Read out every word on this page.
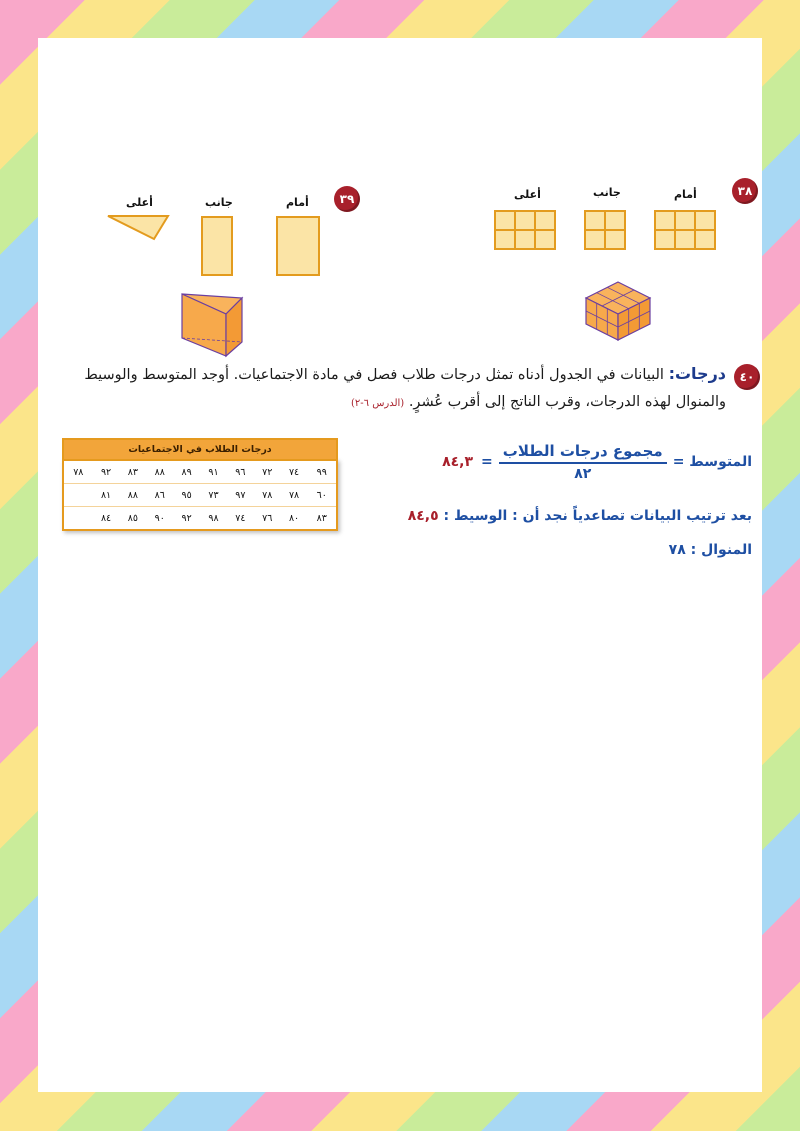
٣٨
أمام
جانب
أعلى
٣٩
أمام
جانب
أعلى
٤٠
درجات: البيانات في الجدول أدناه تمثل درجات طلاب فصل في مادة الاجتماعيات. أوجد المتوسط والوسيط
والمنوال لهذه الدرجات، وقرب الناتج إلى أقرب عُشرٍ. (الدرس ٦-٢)
درجات الطلاب في الاجتماعيات
٩٩	٧٤	٧٢	٩٦	٩١	٨٩	٨٨	٨٣	٩٢	٧٨
٦٠	٧٨	٧٨	٩٧	٧٣	٩٥	٨٦	٨٨	٨١	
٨٣	٨٠	٧٦	٧٤	٩٨	٩٢	٩٠	٨٥	٨٤	
المتوسط =
$\frac{\text{مجموع درجات الطلاب}}{٨٢}$
=
٨٤,٣
بعد ترتيب البيانات تصاعدياً نجد أن : الوسيط : ٨٤,٥
المنوال : ٧٨
